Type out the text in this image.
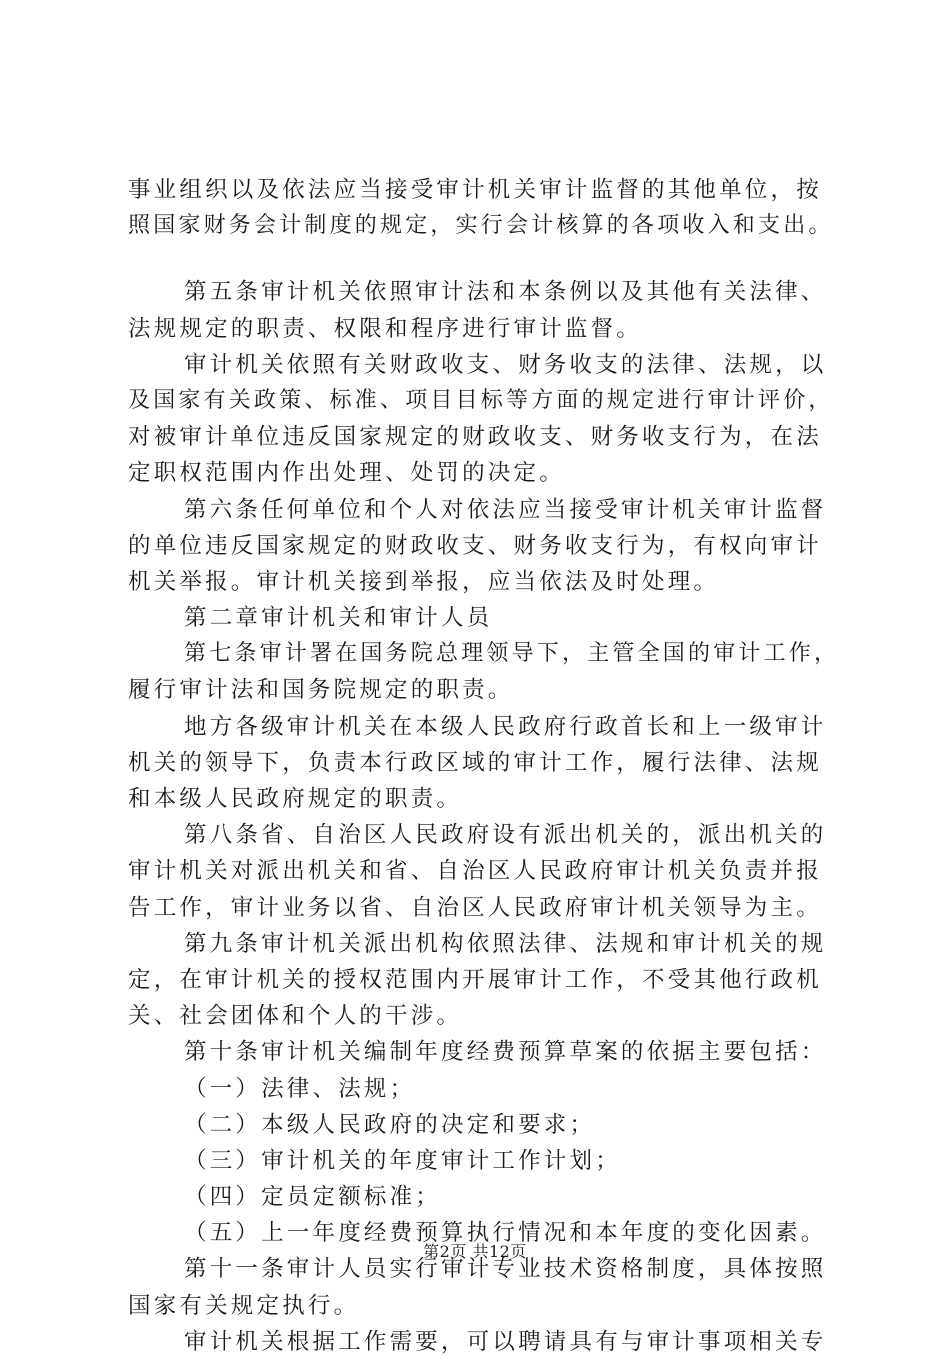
事业组织以及依法应当接受审计机关审计监督的其他单位，按
照国家财务会计制度的规定，实行会计核算的各项收入和支出。
第五条审计机关依照审计法和本条例以及其他有关法律、
法规规定的职责、权限和程序进行审计监督。
审计机关依照有关财政收支、财务收支的法律、法规，以
及国家有关政策、标准、项目目标等方面的规定进行审计评价，
对被审计单位违反国家规定的财政收支、财务收支行为，在法
定职权范围内作出处理、处罚的决定。
第六条任何单位和个人对依法应当接受审计机关审计监督
的单位违反国家规定的财政收支、财务收支行为，有权向审计
机关举报。审计机关接到举报，应当依法及时处理。
第二章审计机关和审计人员
第七条审计署在国务院总理领导下，主管全国的审计工作，
履行审计法和国务院规定的职责。
地方各级审计机关在本级人民政府行政首长和上一级审计
机关的领导下，负责本行政区域的审计工作，履行法律、法规
和本级人民政府规定的职责。
第八条省、自治区人民政府设有派出机关的，派出机关的
审计机关对派出机关和省、自治区人民政府审计机关负责并报
告工作，审计业务以省、自治区人民政府审计机关领导为主。
第九条审计机关派出机构依照法律、法规和审计机关的规
定，在审计机关的授权范围内开展审计工作，不受其他行政机
关、社会团体和个人的干涉。
第十条审计机关编制年度经费预算草案的依据主要包括：
（一）法律、法规；
（二）本级人民政府的决定和要求；
（三）审计机关的年度审计工作计划；
（四）定员定额标准；
（五）上一年度经费预算执行情况和本年度的变化因素。
第十一条审计人员实行审计专业技术资格制度，具体按照
国家有关规定执行。
审计机关根据工作需要，可以聘请具有与审计事项相关专
第2页 共12页
